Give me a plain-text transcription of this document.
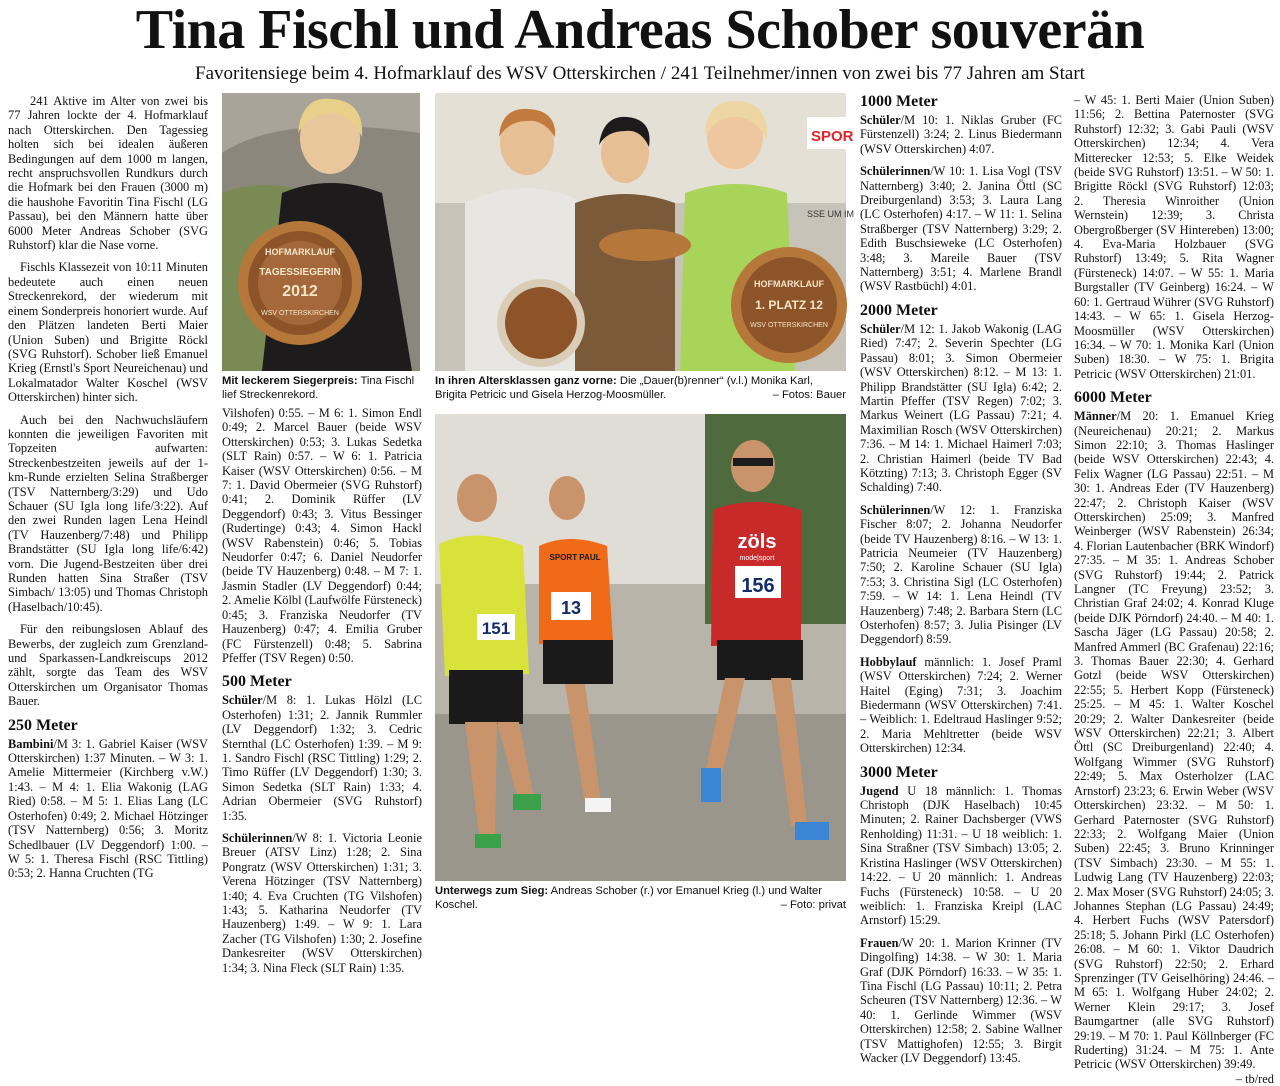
Tina Fischl und Andreas Schober souverän
Favoritensiege beim 4. Hofmarklauf des WSV Otterskirchen / 241 Teilnehmer/innen von zwei bis 77 Jahren am Start

241 Aktive im Alter von zwei bis 77 Jahren lockte der 4. Hofmarklauf nach Otterskirchen. Den Tagessieg holten sich bei idealen äußeren Bedingungen auf dem 1000 m langen, recht anspruchsvollen Rundkurs durch die Hofmark bei den Frauen (3000 m) die haushohe Favoritin Tina Fischl (LG Passau), bei den Männern hatte über 6000 Meter Andreas Schober (SVG Ruhstorf) klar die Nase vorne.

Fischls Klassezeit von 10:11 Minuten bedeutete auch einen neuen Streckenrekord, der wiederum mit einem Sonderpreis honoriert wurde. Auf den Plätzen landeten Berti Maier (Union Suben) und Brigitte Röckl (SVG Ruhstorf). Schober ließ Emanuel Krieg (Ernstl's Sport Neureichenau) und Lokalmatador Walter Koschel (WSV Otterskirchen) hinter sich.

Auch bei den Nachwuchsläufern konnten die jeweiligen Favoriten mit Topzeiten aufwarten: Streckenbestzeiten jeweils auf der 1-km-Runde erzielten Selina Straßberger (TSV Natternberg/3:29) und Udo Schauer (SU Igla long life/3:22). Auf den zwei Runden lagen Lena Heindl (TV Hauzenberg/7:48) und Philipp Brandstätter (SU Igla long life/6:42) vorn. Die Jugend-Bestzeiten über drei Runden hatten Sina Straßer (TSV Simbach/ 13:05) und Thomas Christoph (Haselbach/10:45).

Für den reibungslosen Ablauf des Bewerbs, der zugleich zum Grenzland- und Sparkassen-Landkreiscups 2012 zählt, sorgte das Team des WSV Otterskirchen um Organisator Thomas Bauer.

250 Meter
Bambini/M 3: 1. Gabriel Kaiser (WSV Otterskirchen) 1:37 Minuten. – W 3: 1. Amelie Mittermeier (Kirchberg v.W.) 1:43. – M 4: 1. Elia Wakonig (LAG Ried) 0:58. – M 5: 1. Elias Lang (LC Osterhofen) 0:49; 2. Michael Hötzinger (TSV Natternberg) 0:56; 3. Moritz Schedlbauer (LV Deggendorf) 1:00. – W 5: 1. Theresa Fischl (RSC Tittling) 0:53; 2. Hanna Cruchten (TG
Vilshofen) 0:55. – M 6: 1. Simon Endl 0:49; 2. Marcel Bauer (beide WSV Otterskirchen) 0:53; 3. Lukas Sedetka (SLT Rain) 0:57. – W 6: 1. Patricia Kaiser (WSV Otterskirchen) 0:56. – M 7: 1. David Obermeier (SVG Ruhstorf) 0:41; 2. Dominik Rüffer (LV Deggendorf) 0:43; 3. Vitus Bessinger (Rudertinge) 0:43; 4. Simon Hackl (WSV Rabenstein) 0:46; 5. Tobias Neudorfer 0:47; 6. Daniel Neudorfer (beide TV Hauzenberg) 0:48. – M 7: 1. Jasmin Stadler (LV Deggendorf) 0:44; 2. Amelie Kölbl (Laufwölfe Fürsteneck) 0:45; 3. Franziska Neudorfer (TV Hauzenberg) 0:47; 4. Emilia Gruber (FC Fürstenzell) 0:48; 5. Sabrina Pfeffer (TSV Regen) 0:50.
500 Meter
Schüler/M 8: 1. Lukas Hölzl (LC Osterhofen) 1:31; 2. Jannik Rummler (LV Deggendorf) 1:32; 3. Cedric Sternthal (LC Osterhofen) 1:39. – M 9: 1. Sandro Fischl (RSC Tittling) 1:29; 2. Timo Rüffer (LV Deggendorf) 1:30; 3. Simon Sedetka (SLT Rain) 1:33; 4. Adrian Obermeier (SVG Ruhstorf) 1:35.
Schülerinnen/W 8: 1. Victoria Leonie Breuer (ATSV Linz) 1:28; 2. Sina Pongratz (WSV Otterskirchen) 1:31; 3. Verena Hötzinger (TSV Natternberg) 1:40; 4. Eva Cruchten (TG Vilshofen) 1:43; 5. Katharina Neudorfer (TV Hauzenberg) 1:49. – W 9: 1. Lara Zacher (TG Vilshofen) 1:30; 2. Josefine Dankesreiter (WSV Otterskirchen) 1:34; 3. Nina Fleck (SLT Rain) 1:35.
HOFMARKLAUF
TAGESSIEGERIN
2012
WSV OTTERSKIRCHEN
Mit leckerem Siegerpreis: Tina Fischl lief Streckenrekord.
SPOR
SSE UM IM
HOFMARKLAUF
1. PLATZ 12
WSV OTTERSKIRCHEN
In ihren Altersklassen ganz vorne: Die „Dauer(b)renner“ (v.l.) Monika Karl, Brigita Petricic und Gisela Herzog-Moosmüller.	– Fotos: Bauer
151
SPORT PAUL
13
zöls
mode|sport
156
Unterwegs zum Sieg: Andreas Schober (r.) vor Emanuel Krieg (l.) und Walter Koschel.	– Foto: privat
1000 Meter
Schüler/M 10: 1. Niklas Gruber (FC Fürstenzell) 3:24; 2. Linus Biedermann (WSV Otterskirchen) 4:07.
Schülerinnen/W 10: 1. Lisa Vogl (TSV Natternberg) 3:40; 2. Janina Öttl (SC Dreiburgenland) 3:53; 3. Laura Lang (LC Osterhofen) 4:17. – W 11: 1. Selina Straßberger (TSV Natternberg) 3:29; 2. Edith Buschsieweke (LC Osterhofen) 3:48; 3. Mareile Bauer (TSV Natternberg) 3:51; 4. Marlene Brandl (WSV Rastbüchl) 4:01.
2000 Meter
Schüler/M 12: 1. Jakob Wakonig (LAG Ried) 7:47; 2. Severin Spechter (LG Passau) 8:01; 3. Simon Obermeier (WSV Otterskirchen) 8:12. – M 13: 1. Philipp Brandstätter (SU Igla) 6:42; 2. Martin Pfeffer (TSV Regen) 7:02; 3. Markus Weinert (LG Passau) 7:21; 4. Maximilian Rosch (WSV Otterskirchen) 7:36. – M 14: 1. Michael Haimerl 7:03; 2. Christian Haimerl (beide TV Bad Kötzting) 7:13; 3. Christoph Egger (SV Schalding) 7:40.
Schülerinnen/W 12: 1. Franziska Fischer 8:07; 2. Johanna Neudorfer (beide TV Hauzenberg) 8:16. – W 13: 1. Patricia Neumeier (TV Hauzenberg) 7:50; 2. Karoline Schauer (SU Igla) 7:53; 3. Christina Sigl (LC Osterhofen) 7:59. – W 14: 1. Lena Heindl (TV Hauzenberg) 7:48; 2. Barbara Stern (LC Osterhofen) 8:57; 3. Julia Pisinger (LV Deggendorf) 8:59.
Hobbylauf männlich: 1. Josef Praml (WSV Otterskirchen) 7:24; 2. Werner Haitel (Eging) 7:31; 3. Joachim Biedermann (WSV Otterskirchen) 7:41. – Weiblich: 1. Edeltraud Haslinger 9:52; 2. Maria Mehltretter (beide WSV Otterskirchen) 12:34.
3000 Meter
Jugend U 18 männlich: 1. Thomas Christoph (DJK Haselbach) 10:45 Minuten; 2. Rainer Dachsberger (VWS Renholding) 11:31. – U 18 weiblich: 1. Sina Straßner (TSV Simbach) 13:05; 2. Kristina Haslinger (WSV Otterskirchen) 14:22. – U 20 männlich: 1. Andreas Fuchs (Fürsteneck) 10:58. – U 20 weiblich: 1. Franziska Kreipl (LAC Arnstorf) 15:29.
Frauen/W 20: 1. Marion Krinner (TV Dingolfing) 14:38. – W 30: 1. Maria Graf (DJK Pörndorf) 16:33. – W 35: 1. Tina Fischl (LG Passau) 10:11; 2. Petra Scheuren (TSV Natternberg) 12:36. – W 40: 1. Gerlinde Wimmer (WSV Otterskirchen) 12:58; 2. Sabine Wallner (TSV Mattighofen) 12:55; 3. Birgit Wacker (LV Deggendorf) 13:45.
– W 45: 1. Berti Maier (Union Suben) 11:56; 2. Bettina Paternoster (SVG Ruhstorf) 12:32; 3. Gabi Pauli (WSV Otterskirchen) 12:34; 4. Vera Mitterecker 12:53; 5. Elke Weidek (beide SVG Ruhstorf) 13:51. – W 50: 1. Brigitte Röckl (SVG Ruhstorf) 12:03; 2. Theresia Winroither (Union Wernstein) 12:39; 3. Christa Obergroßberger (SV Hintereben) 13:00; 4. Eva-Maria Holzbauer (SVG Ruhstorf) 13:49; 5. Rita Wagner (Fürsteneck) 14:07. – W 55: 1. Maria Burgstaller (TV Geinberg) 16:24. – W 60: 1. Gertraud Wührer (SVG Ruhstorf) 14:43. – W 65: 1. Gisela Herzog-Moosmüller (WSV Otterskirchen) 16:34. – W 70: 1. Monika Karl (Union Suben) 18:30. – W 75: 1. Brigita Petricic (WSV Otterskirchen) 21:01.
6000 Meter
Männer/M 20: 1. Emanuel Krieg (Neureichenau) 20:21; 2. Markus Simon 22:10; 3. Thomas Haslinger (beide WSV Otterskirchen) 22:43; 4. Felix Wagner (LG Passau) 22:51. – M 30: 1. Andreas Eder (TV Hauzenberg) 22:47; 2. Christoph Kaiser (WSV Otterskirchen) 25:09; 3. Manfred Weinberger (WSV Rabenstein) 26:34; 4. Florian Lautenbacher (BRK Windorf) 27:35. – M 35: 1. Andreas Schober (SVG Ruhstorf) 19:44; 2. Patrick Langner (TC Freyung) 23:52; 3. Christian Graf 24:02; 4. Konrad Kluge (beide DJK Pörndorf) 24:40. – M 40: 1. Sascha Jäger (LG Passau) 20:58; 2. Manfred Ammerl (BC Grafenau) 22:16; 3. Thomas Bauer 22:30; 4. Gerhard Gotzl (beide WSV Otterskirchen) 22:55; 5. Herbert Kopp (Fürsteneck) 25:25. – M 45: 1. Walter Koschel 20:29; 2. Walter Dankesreiter (beide WSV Otterskirchen) 22:21; 3. Albert Öttl (SC Dreiburgenland) 22:40; 4. Wolfgang Wimmer (SVG Ruhstorf) 22:49; 5. Max Osterholzer (LAC Arnstorf) 23:23; 6. Erwin Weber (WSV Otterskirchen) 23:32. – M 50: 1. Gerhard Paternoster (SVG Ruhstorf) 22:33; 2. Wolfgang Maier (Union Suben) 22:45; 3. Bruno Krinninger (TSV Simbach) 23:30. – M 55: 1. Ludwig Lang (TV Hauzenberg) 22:03; 2. Max Moser (SVG Ruhstorf) 24:05; 3. Johannes Stephan (LG Passau) 24:49; 4. Herbert Fuchs (WSV Patersdorf) 25:18; 5. Johann Pirkl (LC Osterhofen) 26:08. – M 60: 1. Viktor Daudrich (SVG Ruhstorf) 22:50; 2. Erhard Sprenzinger (TV Geiselhöring) 24:46. – M 65: 1. Wolfgang Huber 24:02; 2. Werner Klein 29:17; 3. Josef Baumgartner (alle SVG Ruhstorf) 29:19. – M 70: 1. Paul Köllnberger (FC Ruderting) 31:24. – M 75: 1. Ante Petricic (WSV Otterskirchen) 39:49.
– tb/red
